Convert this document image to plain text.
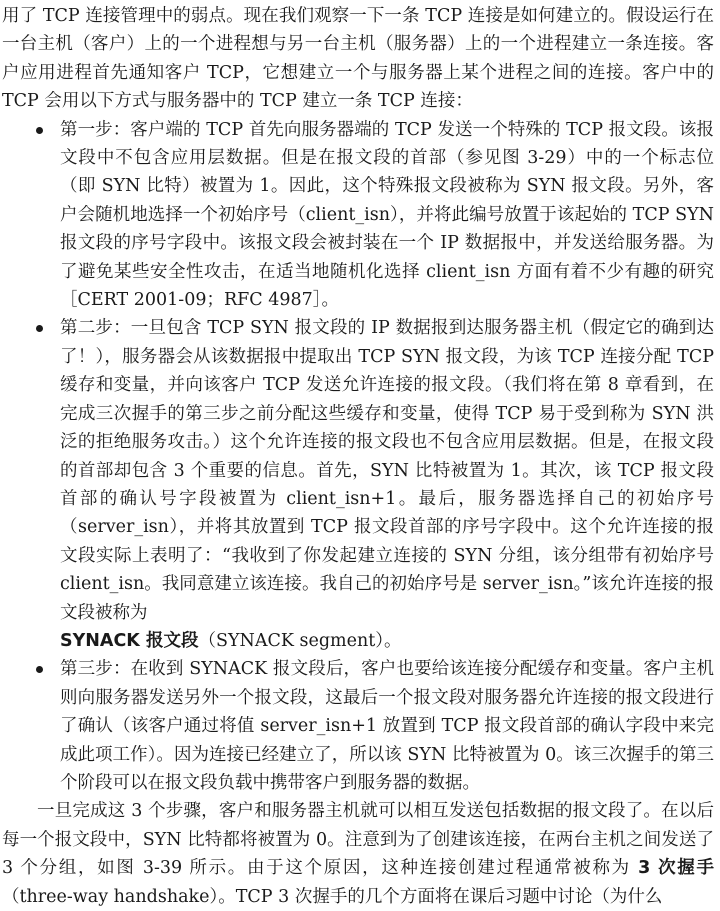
用了 TCP 连接管理中的弱点。现在我们观察一下一条 TCP 连接是如何建立的。假设运行在一台主机（客户）上的一个进程想与另一台主机（服务器）上的一个进程建立一条连接。客户应用进程首先通知客户 TCP，它想建立一个与服务器上某个进程之间的连接。客户中的 TCP 会用以下方式与服务器中的 TCP 建立一条 TCP 连接：

第一步：客户端的 TCP 首先向服务器端的 TCP 发送一个特殊的 TCP 报文段。该报文段中不包含应用层数据。但是在报文段的首部（参见图 3-29）中的一个标志位（即 SYN 比特）被置为 1。因此，这个特殊报文段被称为 SYN 报文段。另外，客户会随机地选择一个初始序号（client_isn），并将此编号放置于该起始的 TCP SYN 报文段的序号字段中。该报文段会被封装在一个 IP 数据报中，并发送给服务器。为了避免某些安全性攻击，在适当地随机化选择 client_isn 方面有着不少有趣的研究［CERT 2001-09；RFC 4987］。
第二步：一旦包含 TCP SYN 报文段的 IP 数据报到达服务器主机（假定它的确到达了！），服务器会从该数据报中提取出 TCP SYN 报文段，为该 TCP 连接分配 TCP 缓存和变量，并向该客户 TCP 发送允许连接的报文段。（我们将在第 8 章看到，在完成三次握手的第三步之前分配这些缓存和变量，使得 TCP 易于受到称为 SYN 洪泛的拒绝服务攻击。）这个允许连接的报文段也不包含应用层数据。但是，在报文段的首部却包含 3 个重要的信息。首先，SYN 比特被置为 1。其次，该 TCP 报文段首部的确认号字段被置为 client_isn+1。最后，服务器选择自己的初始序号（server_isn），并将其放置到 TCP 报文段首部的序号字段中。这个允许连接的报文段实际上表明了：“我收到了你发起建立连接的 SYN 分组，该分组带有初始序号 client_isn。我同意建立该连接。我自己的初始序号是 server_isn。”该允许连接的报文段被称为
SYNACK 报文段（SYNACK segment）。
第三步：在收到 SYNACK 报文段后，客户也要给该连接分配缓存和变量。客户主机则向服务器发送另外一个报文段，这最后一个报文段对服务器允许连接的报文段进行了确认（该客户通过将值 server_isn+1 放置到 TCP 报文段首部的确认字段中来完成此项工作）。因为连接已经建立了，所以该 SYN 比特被置为 0。该三次握手的第三个阶段可以在报文段负载中携带客户到服务器的数据。

一旦完成这 3 个步骤，客户和服务器主机就可以相互发送包括数据的报文段了。在以后每一个报文段中，SYN 比特都将被置为 0。注意到为了创建该连接，在两台主机之间发送了 3 个分组，如图 3-39 所示。由于这个原因，这种连接创建过程通常被称为 3 次握手（three-way handshake）。TCP 3 次握手的几个方面将在课后习题中讨论（为什么
